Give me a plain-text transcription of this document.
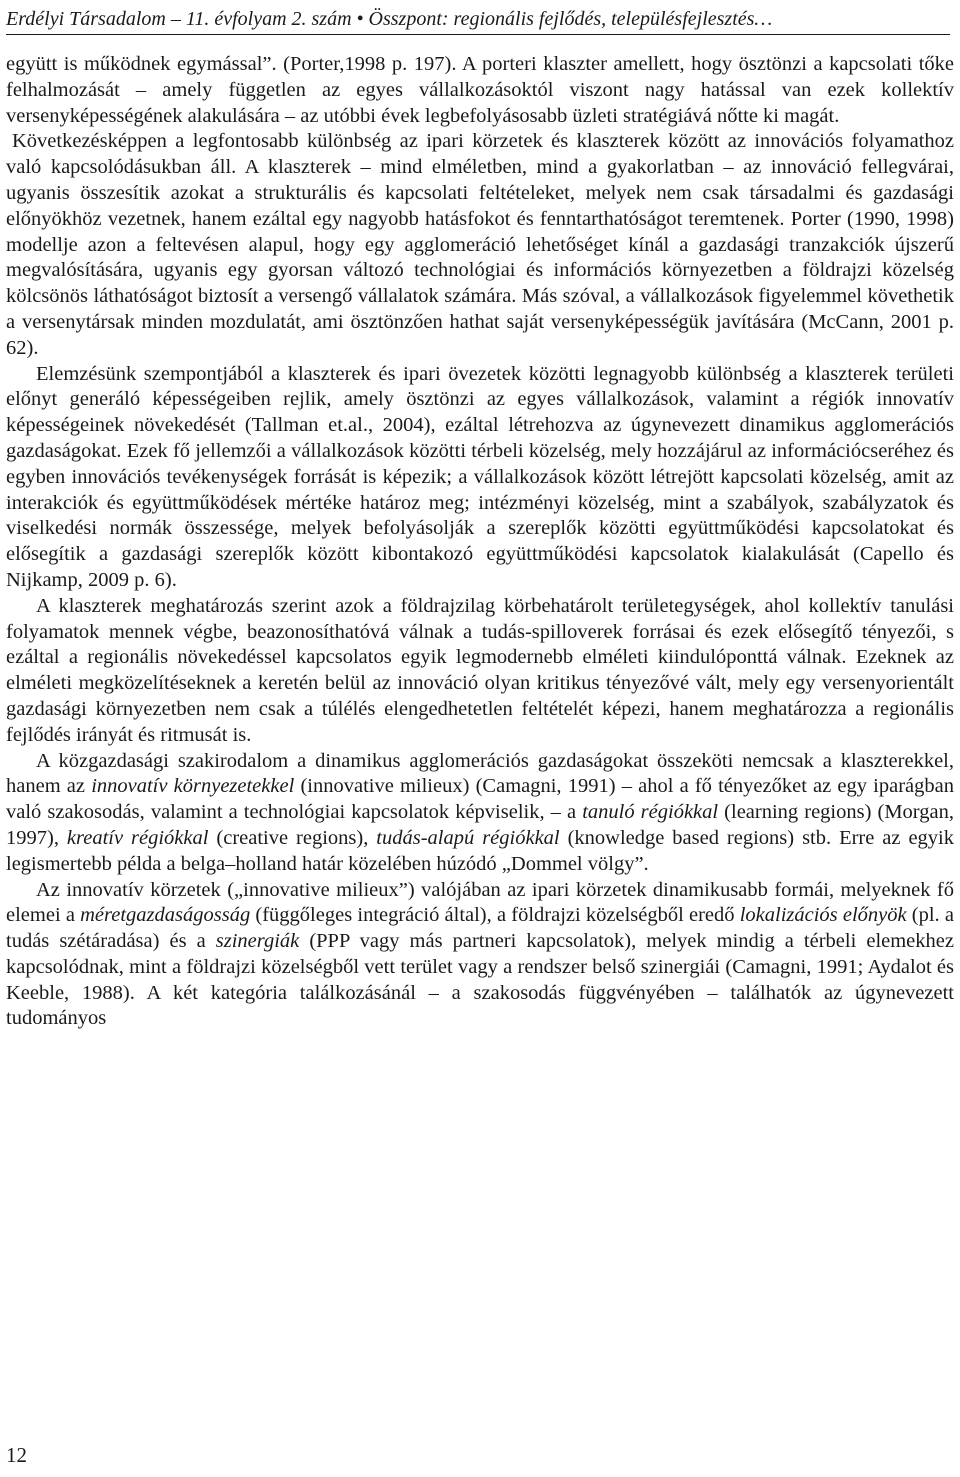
Erdélyi Társadalom – 11. évfolyam 2. szám • Összpont: regionális fejlődés, településfejlesztés…

együtt is működnek egymással”. (Porter,1998 p. 197). A porteri klaszter amellett, hogy ösztönzi a kapcsolati tőke felhalmozását – amely független az egyes vállalkozásoktól viszont nagy hatással van ezek kollektív versenyképességének alakulására – az utóbbi évek legbefolyásosabb üzleti stratégiává nőtte ki magát.

Következésképpen a legfontosabb különbség az ipari körzetek és klaszterek között az innovációs folyamathoz való kapcsolódásukban áll. A klaszterek – mind elméletben, mind a gyakorlatban – az innováció fellegvárai, ugyanis összesítik azokat a strukturális és kapcsolati feltételeket, melyek nem csak társadalmi és gazdasági előnyökhöz vezetnek, hanem ezáltal egy nagyobb hatásfokot és fenntarthatóságot teremtenek. Porter (1990, 1998) modellje azon a feltevésen alapul, hogy egy agglomeráció lehetőséget kínál a gazdasági tranzakciók újszerű megvalósítására, ugyanis egy gyorsan változó technológiai és információs környezetben a földrajzi közelség kölcsönös láthatóságot biztosít a versengő vállalatok számára. Más szóval, a vállalkozások figyelemmel követhetik a versenytársak minden mozdulatát, ami ösztönzően hathat saját versenyképességük javítására (McCann, 2001 p. 62).

Elemzésünk szempontjából a klaszterek és ipari övezetek közötti legnagyobb különbség a klaszterek területi előnyt generáló képességeiben rejlik, amely ösztönzi az egyes vállalkozások, valamint a régiók innovatív képességeinek növekedését (Tallman et.al., 2004), ezáltal létrehozva az úgynevezett dinamikus agglomerációs gazdaságokat. Ezek fő jellemzői a vállalkozások közötti térbeli közelség, mely hozzájárul az információcseréhez és egyben innovációs tevékenységek forrását is képezik; a vállalkozások között létrejött kapcsolati közelség, amit az interakciók és együttműködések mértéke határoz meg; intézményi közelség, mint a szabályok, szabályzatok és viselkedési normák összessége, melyek befolyásolják a szereplők közötti együttműködési kapcsolatokat és elősegítik a gazdasági szereplők között kibontakozó együttműködési kapcsolatok kialakulását (Capello és Nijkamp, 2009 p. 6).

A klaszterek meghatározás szerint azok a földrajzilag körbehatárolt területegységek, ahol kollektív tanulási folyamatok mennek végbe, beazonosíthatóvá válnak a tudás-spilloverek forrásai és ezek elősegítő tényezői, s ezáltal a regionális növekedéssel kapcsolatos egyik legmodernebb elméleti kiindulóponttá válnak. Ezeknek az elméleti megközelítéseknek a keretén belül az innováció olyan kritikus tényezővé vált, mely egy versenyorientált gazdasági környezetben nem csak a túlélés elengedhetetlen feltételét képezi, hanem meghatározza a regionális fejlődés irányát és ritmusát is.

A közgazdasági szakirodalom a dinamikus agglomerációs gazdaságokat összeköti nemcsak a klaszterekkel, hanem az innovatív környezetekkel (innovative milieux) (Camagni, 1991) – ahol a fő tényezőket az egy iparágban való szakosodás, valamint a technológiai kapcsolatok képviselik, – a tanuló régiókkal (learning regions) (Morgan, 1997), kreatív régiókkal (creative regions), tudás-alapú régiókkal (knowledge based regions) stb. Erre az egyik legismertebb példa a belga–holland határ közelében húzódó „Dommel völgy”.

Az innovatív körzetek („innovative milieux”) valójában az ipari körzetek dinamikusabb formái, melyeknek fő elemei a méretgazdaságosság (függőleges integráció által), a földrajzi közelségből eredő lokalizációs előnyök (pl. a tudás szétáradása) és a szinergiák (PPP vagy más partneri kapcsolatok), melyek mindig a térbeli elemekhez kapcsolódnak, mint a földrajzi közelségből vett terület vagy a rendszer belső szinergiái (Camagni, 1991; Aydalot és Keeble, 1988). A két kategória találkozásánál – a szakosodás függvényében – találhatók az úgynevezett tudományos

12
